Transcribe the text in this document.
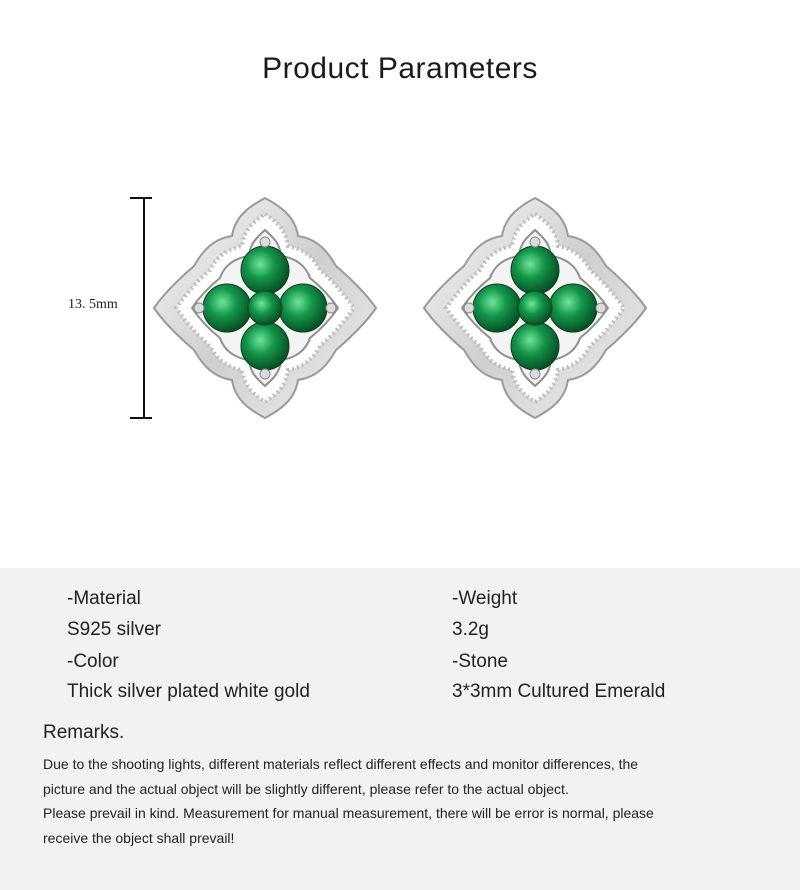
Product Parameters
13. 5mm
-Material
S925 silver
-Color
Thick silver plated white gold
-Weight
3.2g
-Stone
3*3mm Cultured Emerald
Remarks.
Due to the shooting lights, different materials reflect different effects and monitor differences, the
picture and the actual object will be slightly different, please refer to the actual object.
Please prevail in kind. Measurement for manual measurement, there will be error is normal, please
receive the object shall prevail!
